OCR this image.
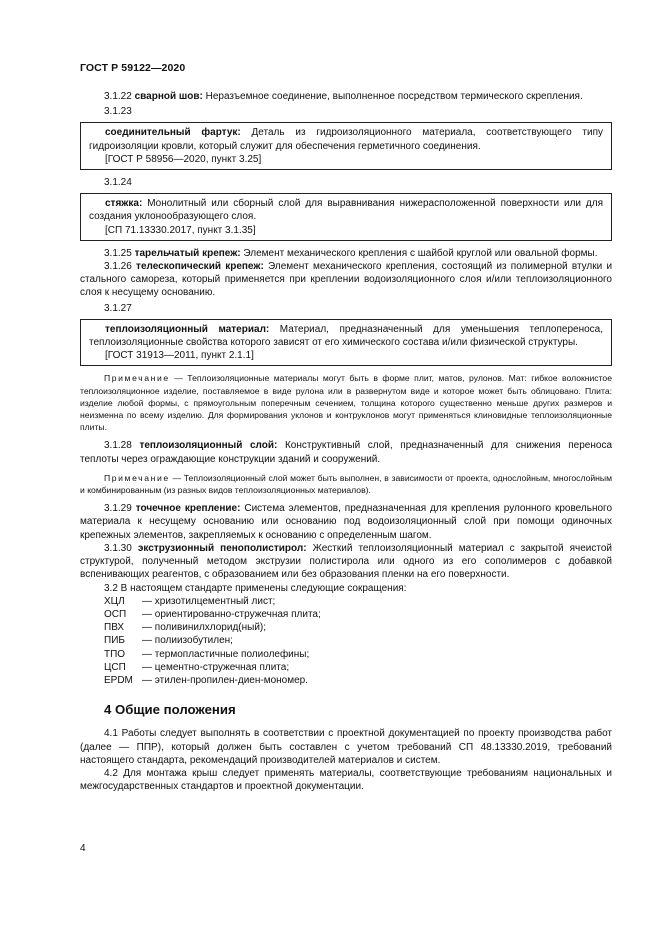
ГОСТ Р 59122—2020

3.1.22 сварной шов: Неразъемное соединение, выполненное посредством термического скрепления.

3.1.23

соединительный фартук: Деталь из гидроизоляционного материала, соответствующего типу гидроизоляции кровли, который служит для обеспечения герметичного соединения.

[ГОСТ Р 58956—2020, пункт 3.25]

3.1.24

стяжка: Монолитный или сборный слой для выравнивания нижерасположенной поверхности или для создания уклонообразующего слоя.

[СП 71.13330.2017, пункт 3.1.35]

3.1.25 тарельчатый крепеж: Элемент механического крепления с шайбой круглой или овальной формы.

3.1.26 телескопический крепеж: Элемент механического крепления, состоящий из полимерной втулки и стального самореза, который применяется при креплении водоизоляционного слоя и/или теплоизоляционного слоя к несущему основанию.

3.1.27

теплоизоляционный материал: Материал, предназначенный для уменьшения теплопереноса, теплоизоляционные свойства которого зависят от его химического состава и/или физической структуры.

[ГОСТ 31913—2011, пункт 2.1.1]

Примечание — Теплоизоляционные материалы могут быть в форме плит, матов, рулонов. Мат: гибкое волокнистое теплоизоляционное изделие, поставляемое в виде рулона или в развернутом виде и которое может быть облицовано. Плита: изделие любой формы, с прямоугольным поперечным сечением, толщина которого существенно меньше других размеров и неизменна по всему изделию. Для формирования уклонов и контруклонов могут применяться клиновидные теплоизоляционные плиты.

3.1.28 теплоизоляционный слой: Конструктивный слой, предназначенный для снижения переноса теплоты через ограждающие конструкции зданий и сооружений.

Примечание — Теплоизоляционный слой может быть выполнен, в зависимости от проекта, однослойным, многослойным и комбинированным (из разных видов теплоизоляционных материалов).

3.1.29 точечное крепление: Система элементов, предназначенная для крепления рулонного кровельного материала к несущему основанию или основанию под водоизоляционный слой при помощи одиночных крепежных элементов, закрепляемых к основанию с определенным шагом.

3.1.30 экструзионный пенополистирол: Жесткий теплоизоляционный материал с закрытой ячеистой структурой, полученный методом экструзии полистирола или одного из его сополимеров с добавкой вспенивающих реагентов, с образованием или без образования пленки на его поверхности.

3.2 В настоящем стандарте применены следующие сокращения:

ХЦЛ	— хризотилцементный лист;
ОСП	— ориентированно-стружечная плита;
ПВХ	— поливинилхлорид(ный);
ПИБ	— полиизобутилен;
ТПО	— термопластичные полиолефины;
ЦСП	— цементно-стружечная плита;
EPDM — этилен-пропилен-диен-мономер.
4 Общие положения

4.1 Работы следует выполнять в соответствии с проектной документацией по проекту производства работ (далее — ППР), который должен быть составлен с учетом требований СП 48.13330.2019, требований настоящего стандарта, рекомендаций производителей материалов и систем.

4.2 Для монтажа крыш следует применять материалы, соответствующие требованиям национальных и межгосударственных стандартов и проектной документации.

4
